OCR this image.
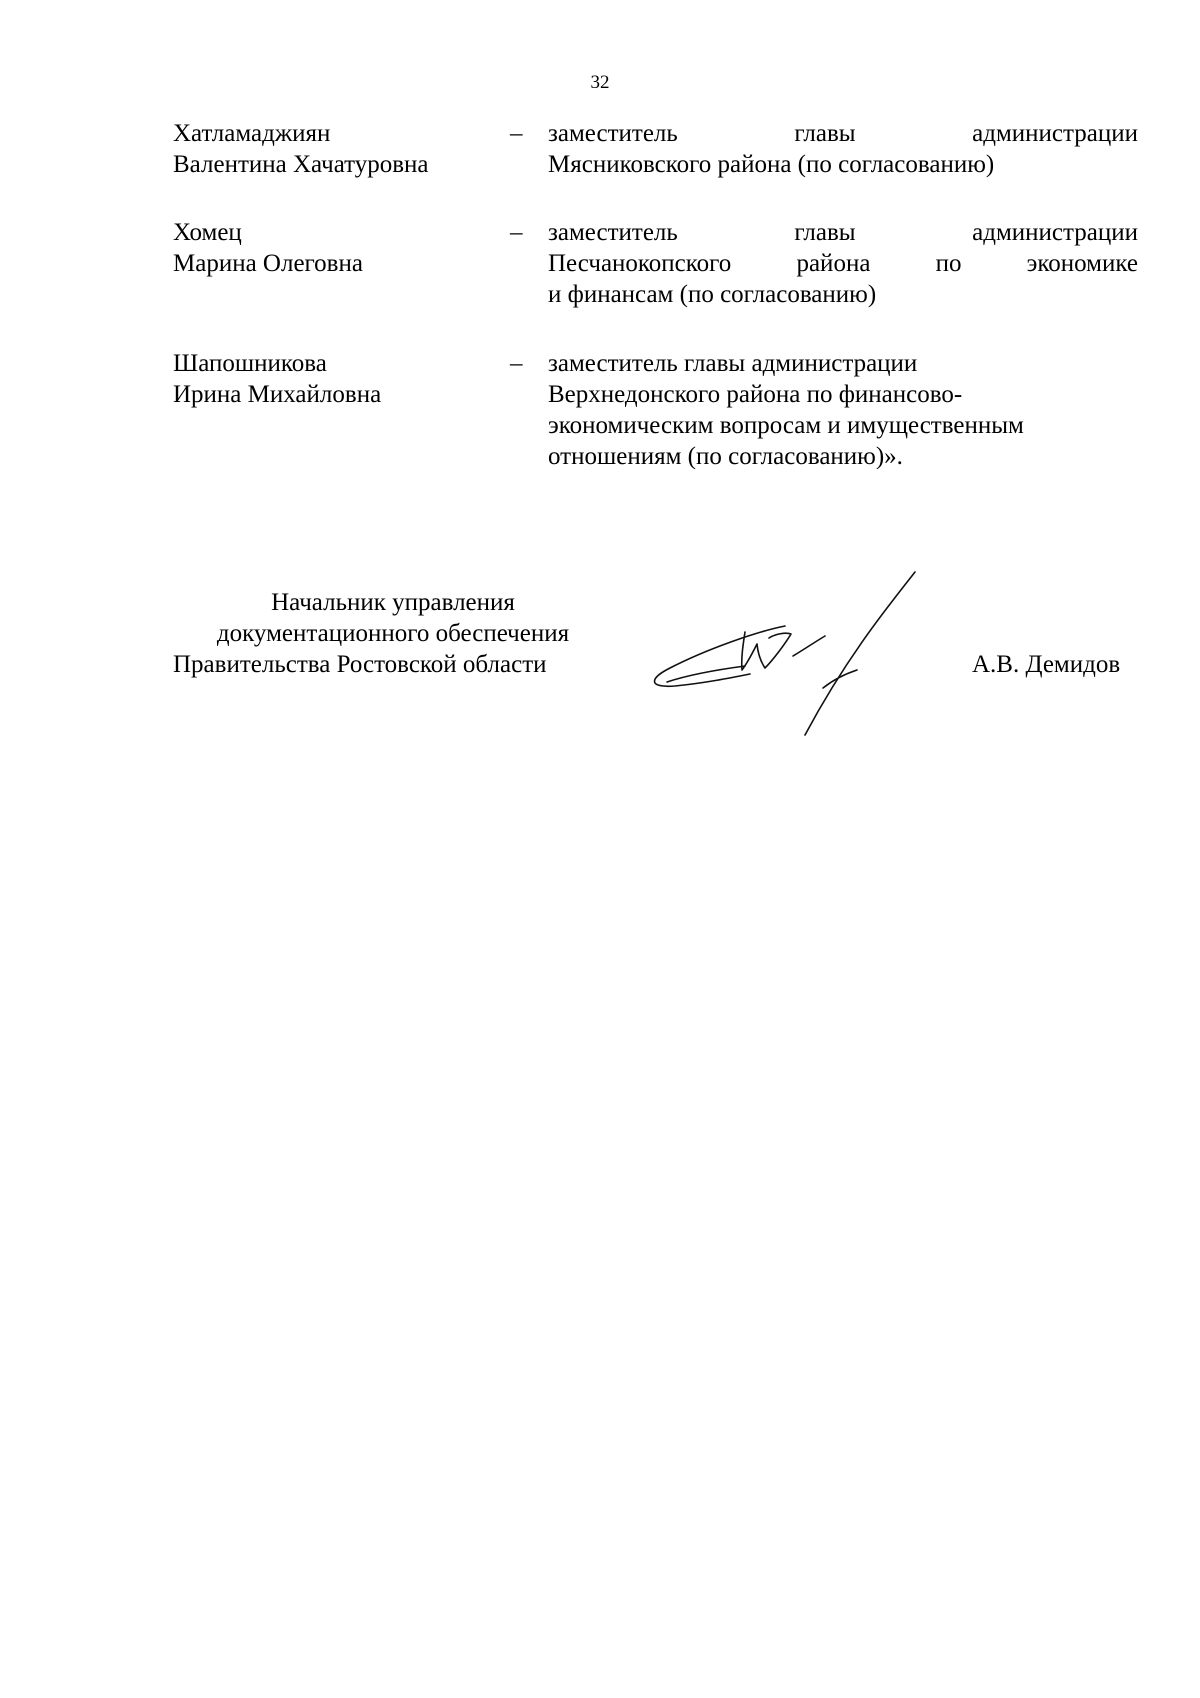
32
Хатламаджиян
Валентина Хачатуровна
– заместитель главы администрации
Мясниковского района (по согласованию)
Хомец
Марина Олеговна
– заместитель главы администрации
Песчанокопского района по экономике
и финансам (по согласованию)
Шапошникова
Ирина Михайловна
– заместитель главы администрации
Верхнедонского района по финансово-
экономическим вопросам и имущественным
отношениям (по согласованию)».
Начальник управления
документационного обеспечения
Правительства Ростовской области	А.В. Демидов
